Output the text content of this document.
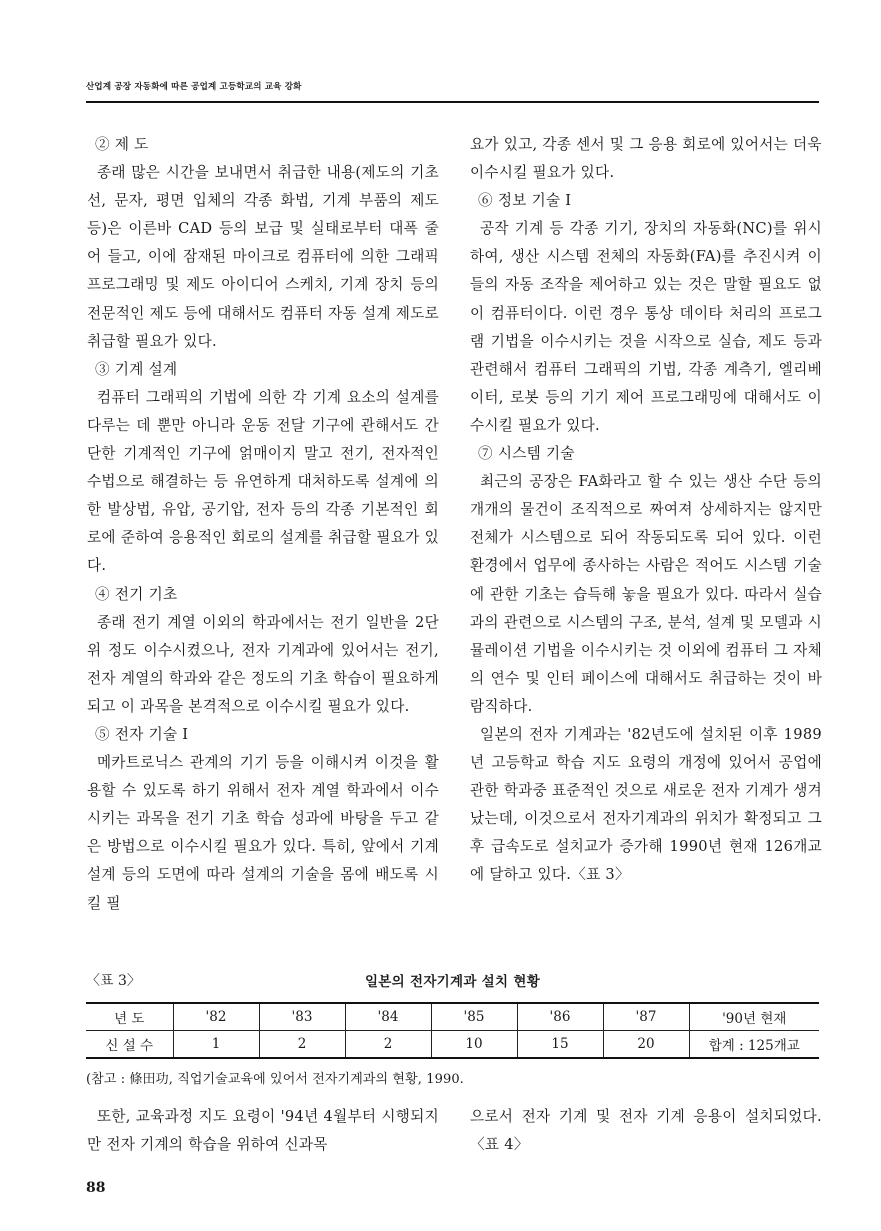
산업계 공장 자동화에 따른 공업계 고등학교의 교육 강화

② 제 도

종래 많은 시간을 보내면서 취급한 내용(제도의 기초선, 문자, 평면 입체의 각종 화법, 기계 부품의 제도 등)은 이른바 CAD 등의 보급 및 실태로부터 대폭 줄어 들고, 이에 잠재된 마이크로 컴퓨터에 의한 그래픽 프로그래밍 및 제도 아이디어 스케치, 기계 장치 등의 전문적인 제도 등에 대해서도 컴퓨터 자동 설계 제도로 취급할 필요가 있다.

③ 기계 설계

컴퓨터 그래픽의 기법에 의한 각 기계 요소의 설계를 다루는 데 뿐만 아니라 운동 전달 기구에 관해서도 간단한 기계적인 기구에 얽매이지 말고 전기, 전자적인 수법으로 해결하는 등 유연하게 대처하도록 설계에 의한 발상법, 유압, 공기압, 전자 등의 각종 기본적인 회로에 준하여 응용적인 회로의 설계를 취급할 필요가 있다.

④ 전기 기초

종래 전기 계열 이외의 학과에서는 전기 일반을 2단위 정도 이수시켰으나, 전자 기계과에 있어서는 전기, 전자 계열의 학과와 같은 정도의 기초 학습이 필요하게 되고 이 과목을 본격적으로 이수시킬 필요가 있다.

⑤ 전자 기술 I

메카트로닉스 관계의 기기 등을 이해시켜 이것을 활용할 수 있도록 하기 위해서 전자 계열 학과에서 이수 시키는 과목을 전기 기초 학습 성과에 바탕을 두고 같은 방법으로 이수시킬 필요가 있다. 특히, 앞에서 기계 설계 등의 도면에 따라 설계의 기술을 몸에 배도록 시킬 필

요가 있고, 각종 센서 및 그 응용 회로에 있어서는 더욱 이수시킬 필요가 있다.

⑥ 정보 기술 I

공작 기계 등 각종 기기, 장치의 자동화(NC)를 위시하여, 생산 시스템 전체의 자동화(FA)를 추진시켜 이들의 자동 조작을 제어하고 있는 것은 말할 필요도 없이 컴퓨터이다. 이런 경우 통상 데이타 처리의 프로그램 기법을 이수시키는 것을 시작으로 실습, 제도 등과 관련해서 컴퓨터 그래픽의 기법, 각종 계측기, 엘리베이터, 로봇 등의 기기 제어 프로그래밍에 대해서도 이수시킬 필요가 있다.

⑦ 시스템 기술

최근의 공장은 FA화라고 할 수 있는 생산 수단 등의 개개의 물건이 조직적으로 짜여져 상세하지는 않지만 전체가 시스템으로 되어 작동되도록 되어 있다. 이런 환경에서 업무에 종사하는 사람은 적어도 시스템 기술에 관한 기초는 습득해 놓을 필요가 있다. 따라서 실습과의 관련으로 시스템의 구조, 분석, 설계 및 모델과 시뮬레이션 기법을 이수시키는 것 이외에 컴퓨터 그 자체의 연수 및 인터 페이스에 대해서도 취급하는 것이 바람직하다.

일본의 전자 기계과는 '82년도에 설치된 이후 1989년 고등학교 학습 지도 요령의 개정에 있어서 공업에 관한 학과중 표준적인 것으로 새로운 전자 기계가 생겨났는데, 이것으로서 전자기계과의 위치가 확정되고 그후 급속도로 설치교가 증가해 1990년 현재 126개교에 달하고 있다.〈표 3〉

〈표 3〉	일본의 전자기계과 설치 현황
년 도	'82	'83	'84	'85	'86	'87	'90년 현재
신 설 수	1	2	2	10	15	20	합계 : 125개교
(참고 : 條田功, 직업기술교육에 있어서 전자기계과의 현황, 1990.

또한, 교육과정 지도 요령이 '94년 4월부터 시행되지만 전자 기계의 학습을 위하여 신과목

으로서 전자 기계 및 전자 기계 응용이 설치되었다.〈표 4〉

88
